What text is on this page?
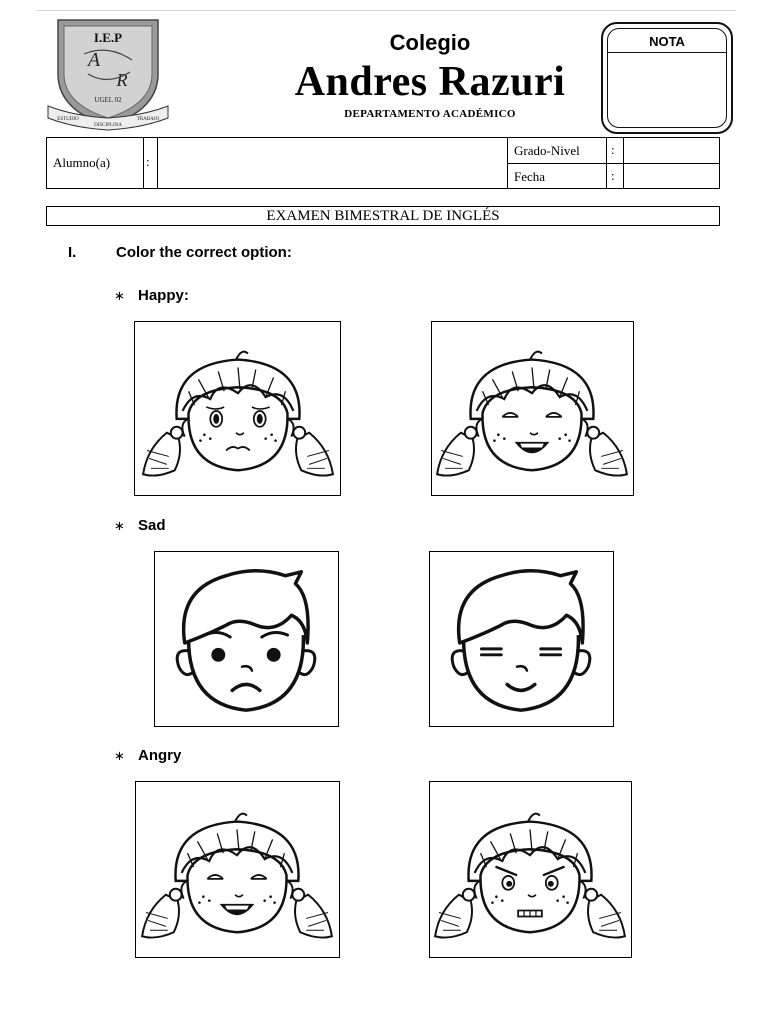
I.E.P
A
R
UGEL 02
ESTUDIO
DISCIPLINA
TRABAJO
Colegio
Andres Razuri
DEPARTAMENTO ACADÉMICO
NOTA
Alumno(a)	:
Grado-Nivel :
Fecha	:
EXAMEN BIMESTRAL DE INGLÉS
I.	Color the correct option:
∗ Happy:
∗ Sad
∗ Angry
